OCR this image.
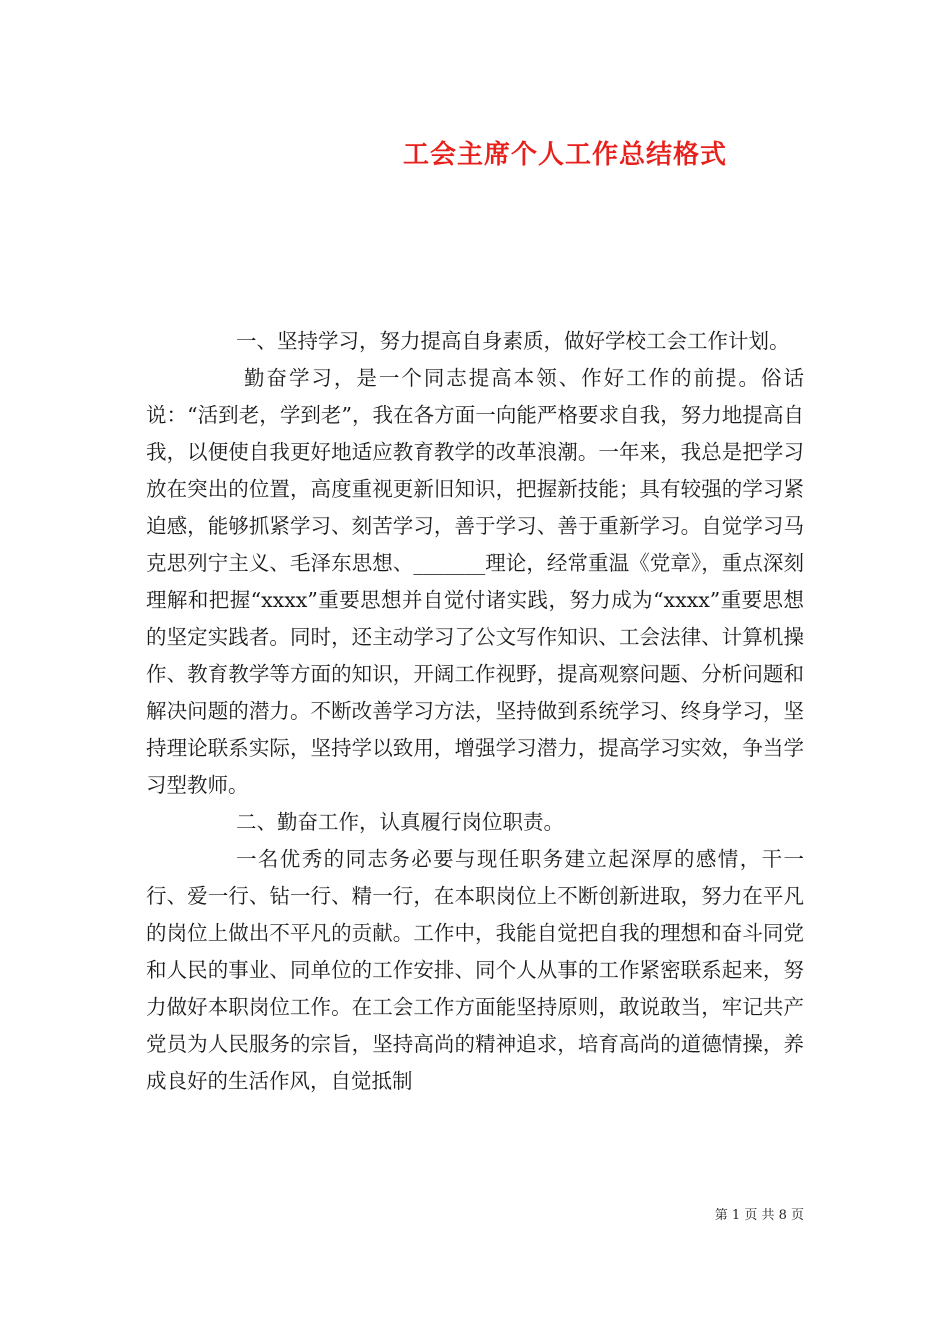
工会主席个人工作总结格式

一、坚持学习，努力提高自身素质，做好学校工会工作计划。

勤奋学习，是一个同志提高本领、作好工作的前提。俗话说：“活到老，学到老”，我在各方面一向能严格要求自我，努力地提高自我，以便使自我更好地适应教育教学的改革浪潮。一年来，我总是把学习放在突出的位置，高度重视更新旧知识，把握新技能；具有较强的学习紧迫感，能够抓紧学习、刻苦学习，善于学习、善于重新学习。自觉学习马克思列宁主义、毛泽东思想、_______理论，经常重温《党章》，重点深刻理解和把握“xxxx”重要思想并自觉付诸实践，努力成为“xxxx”重要思想的坚定实践者。同时，还主动学习了公文写作知识、工会法律、计算机操作、教育教学等方面的知识，开阔工作视野，提高观察问题、分析问题和解决问题的潜力。不断改善学习方法，坚持做到系统学习、终身学习，坚持理论联系实际，坚持学以致用，增强学习潜力，提高学习实效，争当学习型教师。

二、勤奋工作，认真履行岗位职责。

一名优秀的同志务必要与现任职务建立起深厚的感情，干一行、爱一行、钻一行、精一行，在本职岗位上不断创新进取，努力在平凡的岗位上做出不平凡的贡献。工作中，我能自觉把自我的理想和奋斗同党和人民的事业、同单位的工作安排、同个人从事的工作紧密联系起来，努力做好本职岗位工作。在工会工作方面能坚持原则，敢说敢当，牢记共产党员为人民服务的宗旨，坚持高尚的精神追求，培育高尚的道德情操，养成良好的生活作风，自觉抵制

第 1 页 共 8 页
